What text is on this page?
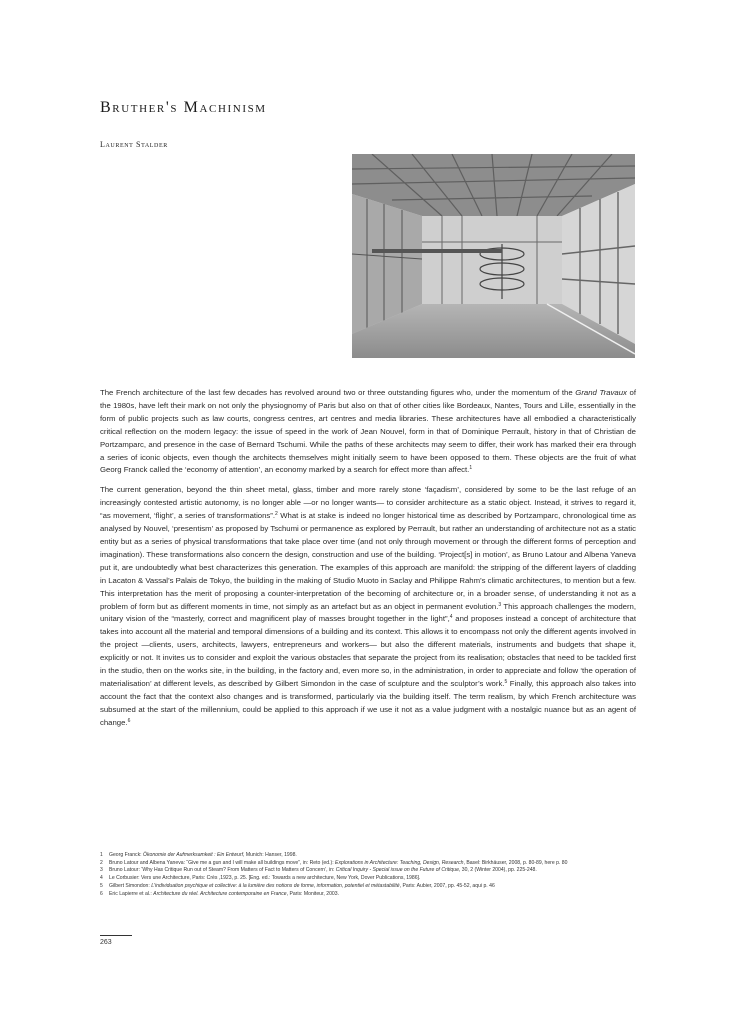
Bruther's Machinism
Laurent Stalder

The French architecture of the last few decades has revolved around two or three outstanding figures who, under the momentum of the Grand Travaux of the 1980s, have left their mark on not only the physiognomy of Paris but also on that of other cities like Bordeaux, Nantes, Tours and Lille, essentially in the form of public projects such as law courts, congress centres, art centres and media libraries. These architectures have all embodied a characteristically critical reflection on the modern legacy: the issue of speed in the work of Jean Nouvel, form in that of Dominique Perrault, history in that of Christian de Portzamparc, and presence in the case of Bernard Tschumi. While the paths of these architects may seem to differ, their work has marked their era through a series of iconic objects, even though the architects themselves might initially seem to have been opposed to them. These objects are the fruit of what Georg Franck called the ‘economy of attention’, an economy marked by a search for effect more than affect.$^1$

The current generation, beyond the thin sheet metal, glass, timber and more rarely stone ‘façadism’, considered by some to be the last refuge of an increasingly contested artistic autonomy, is no longer able —or no longer wants— to consider architecture as a static object. Instead, it strives to regard it, “as movement, ‘flight’, a series of transformations”.$^2$ What is at stake is indeed no longer historical time as described by Portzamparc, chronological time as analysed by Nouvel, ‘presentism’ as proposed by Tschumi or permanence as explored by Perrault, but rather an understanding of architecture not as a static entity but as a series of physical transformations that take place over time (and not only through movement or through the different forms of perception and imagination). These transformations also concern the design, construction and use of the building. ‘Project[s] in motion’, as Bruno Latour and Albena Yaneva put it, are undoubtedly what best characterizes this generation. The examples of this approach are manifold: the stripping of the different layers of cladding in Lacaton & Vassal’s Palais de Tokyo, the building in the making of Studio Muoto in Saclay and Philippe Rahm’s climatic architectures, to mention but a few. This interpretation has the merit of proposing a counter-interpretation of the becoming of architecture or, in a broader sense, of understanding it not as a problem of form but as different moments in time, not simply as an artefact but as an object in permanent evolution.$^3$ This approach challenges the modern, unitary vision of the “masterly, correct and magnificent play of masses brought together in the light”,$^4$ and proposes instead a concept of architecture that takes into account all the material and temporal dimensions of a building and its context. This allows it to encompass not only the different agents involved in the project —clients, users, architects, lawyers, entrepreneurs and workers— but also the different materials, instruments and budgets that shape it, explicitly or not. It invites us to consider and exploit the various obstacles that separate the project from its realisation; obstacles that need to be tackled first in the studio, then on the works site, in the building, in the factory and, even more so, in the administration, in order to appreciate and follow ‘the operation of materialisation’ at different levels, as described by Gilbert Simondon in the case of sculpture and the sculptor’s work.$^5$ Finally, this approach also takes into account the fact that the context also changes and is transformed, particularly via the building itself. The term realism, by which French architecture was subsumed at the start of the millennium, could be applied to this approach if we use it not as a value judgment with a nostalgic nuance but as an agent of change.$^6$

1	Georg Franck: Ökonomie der Aufmerksamkeit : Ein Entwurf, Munich: Hanser, 1998.
2	Bruno Latour and Albena Yaneva: “Give me a gun and I will make all buildings move”, in: Reto (ed.): Explorations in Architecture: Teaching, Design, Research, Basel: Birkhäuser, 2008, p. 80-89, here p. 80
3	Bruno Latour: ‘Why Has Critique Run out of Steam? From Matters of Fact to Matters of Concern’, in: Critical Inquiry - Special issue on the Future of Critique, 30, 2 (Winter 2004), pp. 225-248.
4	Le Corbusier: Vers une Architecture, Paris: Crès ,1923, p. 25. [Eng. ed.: Towards a new architecture, New York, Dover Publications, 1986].
5	Gilbert Simondon: L'individuation psychique et collective: à la lumière des notions de forme, information, potentiel et métastabilité, Paris: Aubier, 2007, pp. 45-52, aqui p. 46
6	Eric Lapierre et al.: Architecture du réel. Architecture contemporaine en France, Paris: Moniteur, 2003.
263
